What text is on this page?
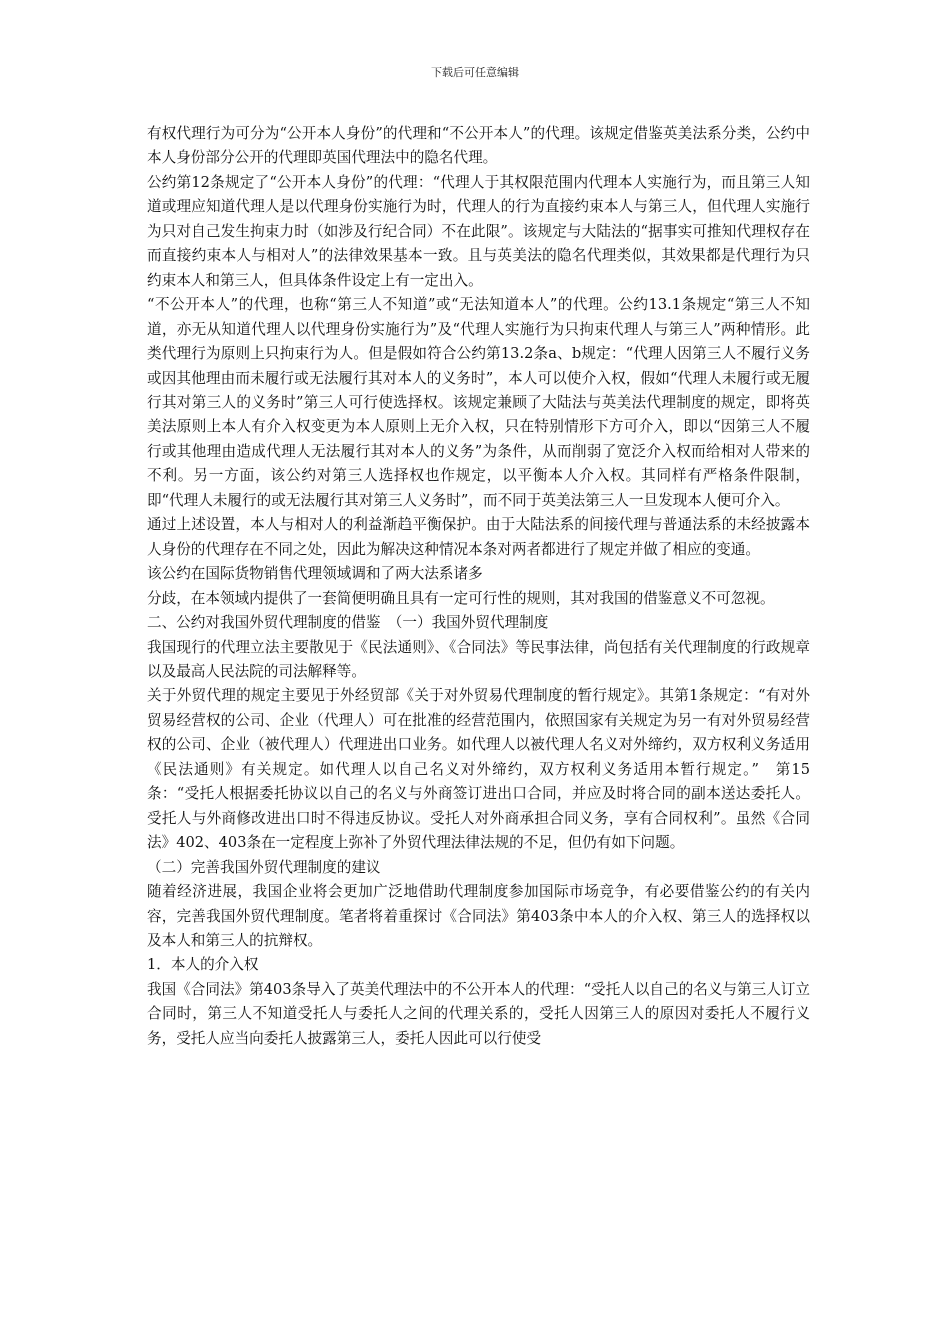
下载后可任意编辑

有权代理行为可分为“公开本人身份”的代理和“不公开本人”的代理。该规定借鉴英美法系分类，公约中本人身份部分公开的代理即英国代理法中的隐名代理。

公约第12条规定了“公开本人身份”的代理：“代理人于其权限范围内代理本人实施行为，而且第三人知道或理应知道代理人是以代理身份实施行为时，代理人的行为直接约束本人与第三人，但代理人实施行为只对自己发生拘束力时（如涉及行纪合同）不在此限”。该规定与大陆法的“据事实可推知代理权存在而直接约束本人与相对人”的法律效果基本一致。且与英美法的隐名代理类似，其效果都是代理行为只约束本人和第三人，但具体条件设定上有一定出入。

“不公开本人”的代理，也称“第三人不知道”或“无法知道本人”的代理。公约13.1条规定“第三人不知道，亦无从知道代理人以代理身份实施行为”及“代理人实施行为只拘束代理人与第三人”两种情形。此类代理行为原则上只拘束行为人。但是假如符合公约第13.2条a、b规定：“代理人因第三人不履行义务或因其他理由而未履行或无法履行其对本人的义务时”，本人可以使介入权，假如“代理人未履行或无履行其对第三人的义务时”第三人可行使选择权。该规定兼顾了大陆法与英美法代理制度的规定，即将英美法原则上本人有介入权变更为本人原则上无介入权，只在特别情形下方可介入，即以“因第三人不履行或其他理由造成代理人无法履行其对本人的义务”为条件，从而削弱了宽泛介入权而给相对人带来的不利。另一方面，该公约对第三人选择权也作规定，以平衡本人介入权。其同样有严格条件限制，即“代理人未履行的或无法履行其对第三人义务时”，而不同于英美法第三人一旦发现本人便可介入。

通过上述设置，本人与相对人的利益渐趋平衡保护。由于大陆法系的间接代理与普通法系的未经披露本人身份的代理存在不同之处，因此为解决这种情况本条对两者都进行了规定并做了相应的变通。

该公约在国际货物销售代理领域调和了两大法系诸多

分歧，在本领域内提供了一套简便明确且具有一定可行性的规则，其对我国的借鉴意义不可忽视。

二、公约对我国外贸代理制度的借鉴　（一）我国外贸代理制度

我国现行的代理立法主要散见于《民法通则》、《合同法》等民事法律，尚包括有关代理制度的行政规章以及最高人民法院的司法解释等。

关于外贸代理的规定主要见于外经贸部《关于对外贸易代理制度的暂行规定》。其第1条规定：“有对外贸易经营权的公司、企业（代理人）可在批准的经营范围内，依照国家有关规定为另一有对外贸易经营权的公司、企业（被代理人）代理进出口业务。如代理人以被代理人名义对外缔约，双方权利义务适用《民法通则》有关规定。如代理人以自己名义对外缔约，双方权利义务适用本暂行规定。”　第15条：“受托人根据委托协议以自己的名义与外商签订进出口合同，并应及时将合同的副本送达委托人。受托人与外商修改进出口时不得违反协议。受托人对外商承担合同义务，享有合同权利”。虽然《合同法》402、403条在一定程度上弥补了外贸代理法律法规的不足，但仍有如下问题。

（二）完善我国外贸代理制度的建议

随着经济进展，我国企业将会更加广泛地借助代理制度参加国际市场竞争，有必要借鉴公约的有关内容，完善我国外贸代理制度。笔者将着重探讨《合同法》第403条中本人的介入权、第三人的选择权以及本人和第三人的抗辩权。

1．本人的介入权

我国《合同法》第403条导入了英美代理法中的不公开本人的代理：“受托人以自己的名义与第三人订立合同时，第三人不知道受托人与委托人之间的代理关系的，受托人因第三人的原因对委托人不履行义务，受托人应当向委托人披露第三人，委托人因此可以行使受
